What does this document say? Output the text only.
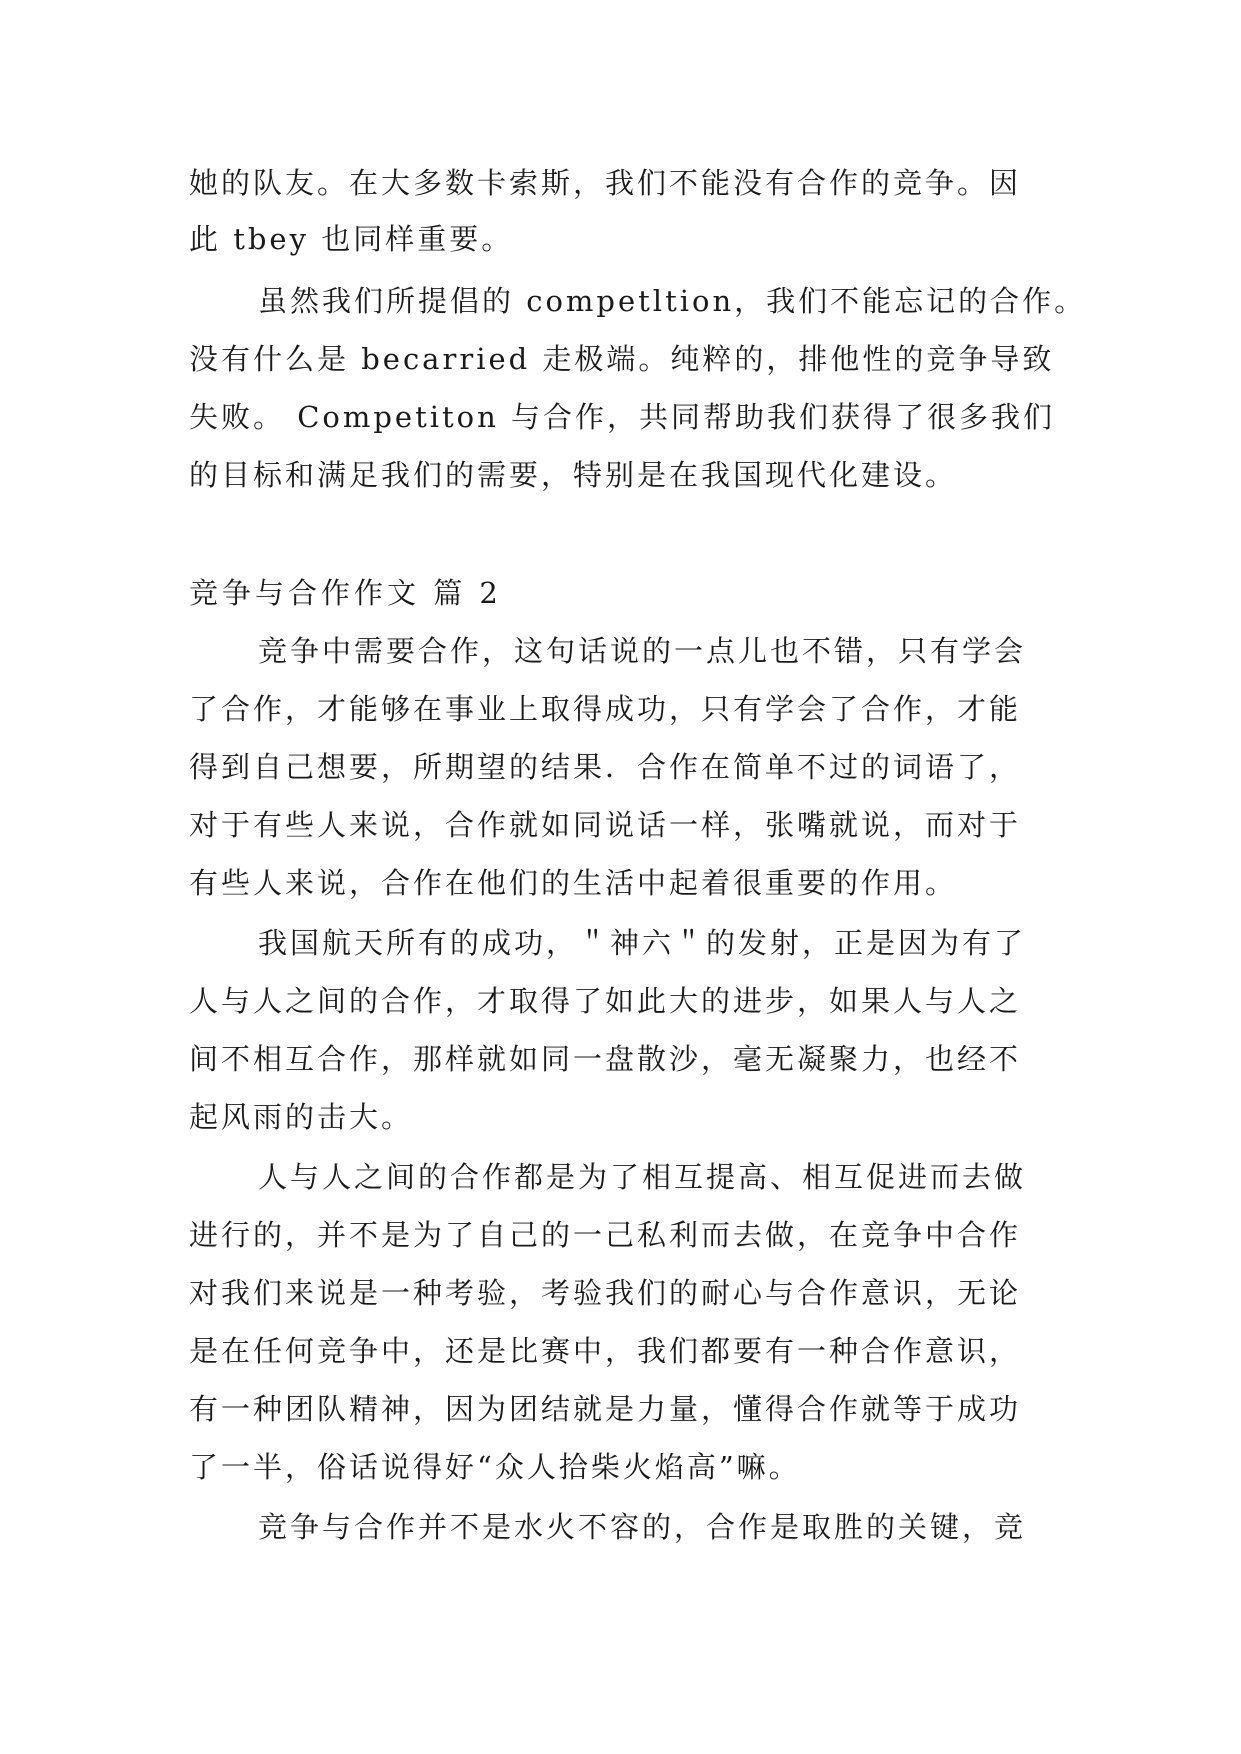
她的队友。在大多数卡索斯，我们不能没有合作的竞争。因
此 tbey 也同样重要。
虽然我们所提倡的 competltion，我们不能忘记的合作。
没有什么是 becarried 走极端。纯粹的，排他性的竞争导致
失败。 Competiton 与合作，共同帮助我们获得了很多我们
的目标和满足我们的需要，特别是在我国现代化建设。
竞争与合作作文 篇 2
竞争中需要合作，这句话说的一点儿也不错，只有学会
了合作，才能够在事业上取得成功，只有学会了合作，才能
得到自己想要，所期望的结果．合作在简单不过的词语了，
对于有些人来说，合作就如同说话一样，张嘴就说，而对于
有些人来说，合作在他们的生活中起着很重要的作用。
我国航天所有的成功，＂神六＂的发射，正是因为有了
人与人之间的合作，才取得了如此大的进步，如果人与人之
间不相互合作，那样就如同一盘散沙，毫无凝聚力，也经不
起风雨的击大。
人与人之间的合作都是为了相互提高、相互促进而去做
进行的，并不是为了自己的一己私利而去做，在竞争中合作
对我们来说是一种考验，考验我们的耐心与合作意识，无论
是在任何竞争中，还是比赛中，我们都要有一种合作意识，
有一种团队精神，因为团结就是力量，懂得合作就等于成功
了一半，俗话说得好“众人拾柴火焰高”嘛。
竞争与合作并不是水火不容的，合作是取胜的关键，竞
